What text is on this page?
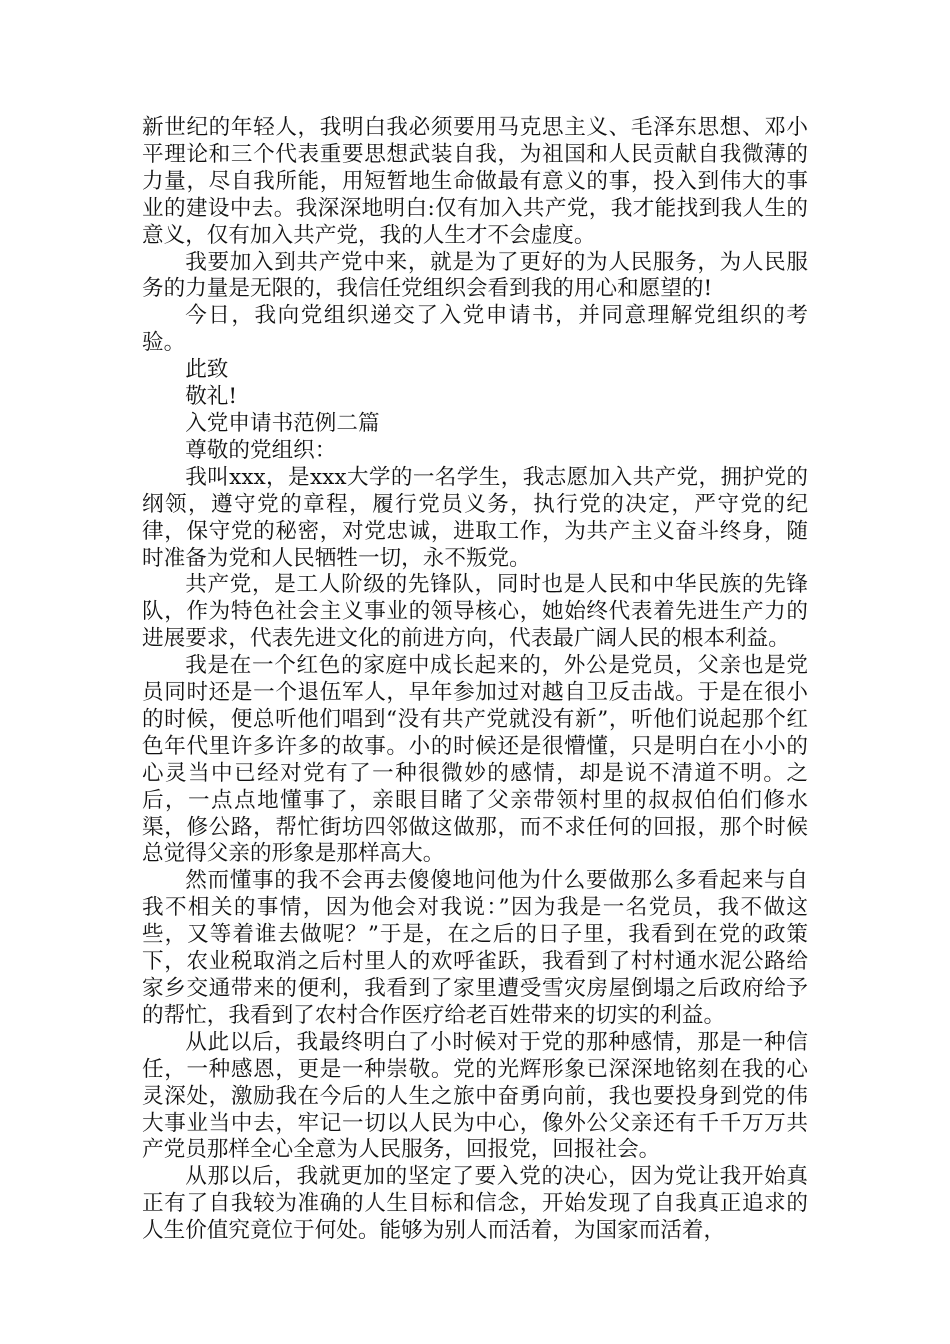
新世纪的年轻人，我明白我必须要用马克思主义、毛泽东思想、邓小平理论和三个代表重要思想武装自我，为祖国和人民贡献自我微薄的力量，尽自我所能，用短暂地生命做最有意义的事，投入到伟大的事业的建设中去。我深深地明白:仅有加入共产党，我才能找到我人生的意义，仅有加入共产党，我的人生才不会虚度。

我要加入到共产党中来，就是为了更好的为人民服务，为人民服务的力量是无限的，我信任党组织会看到我的用心和愿望的!

今日，我向党组织递交了入党申请书，并同意理解党组织的考验。

此致

敬礼!

入党申请书范例二篇

尊敬的党组织：

我叫xxx，是xxx大学的一名学生，我志愿加入共产党，拥护党的纲领，遵守党的章程，履行党员义务，执行党的决定，严守党的纪律，保守党的秘密，对党忠诚，进取工作，为共产主义奋斗终身，随时准备为党和人民牺牲一切，永不叛党。

共产党，是工人阶级的先锋队，同时也是人民和中华民族的先锋队，作为特色社会主义事业的领导核心，她始终代表着先进生产力的进展要求，代表先进文化的前进方向，代表最广阔人民的根本利益。

我是在一个红色的家庭中成长起来的，外公是党员，父亲也是党员同时还是一个退伍军人，早年参加过对越自卫反击战。于是在很小的时候，便总听他们唱到“没有共产党就没有新”，听他们说起那个红色年代里许多许多的故事。小的时候还是很懵懂，只是明白在小小的心灵当中已经对党有了一种很微妙的感情，却是说不清道不明。之后，一点点地懂事了，亲眼目睹了父亲带领村里的叔叔伯伯们修水渠，修公路，帮忙街坊四邻做这做那，而不求任何的回报，那个时候总觉得父亲的形象是那样高大。

然而懂事的我不会再去傻傻地问他为什么要做那么多看起来与自我不相关的事情，因为他会对我说：”因为我是一名党员，我不做这些，又等着谁去做呢？”于是，在之后的日子里，我看到在党的政策下，农业税取消之后村里人的欢呼雀跃，我看到了村村通水泥公路给家乡交通带来的便利，我看到了家里遭受雪灾房屋倒塌之后政府给予的帮忙，我看到了农村合作医疗给老百姓带来的切实的利益。

从此以后，我最终明白了小时候对于党的那种感情，那是一种信任，一种感恩，更是一种崇敬。党的光辉形象已深深地铭刻在我的心灵深处，激励我在今后的人生之旅中奋勇向前，我也要投身到党的伟大事业当中去，牢记一切以人民为中心，像外公父亲还有千千万万共产党员那样全心全意为人民服务，回报党，回报社会。

从那以后，我就更加的坚定了要入党的决心，因为党让我开始真正有了自我较为准确的人生目标和信念，开始发现了自我真正追求的人生价值究竟位于何处。能够为别人而活着，为国家而活着，
